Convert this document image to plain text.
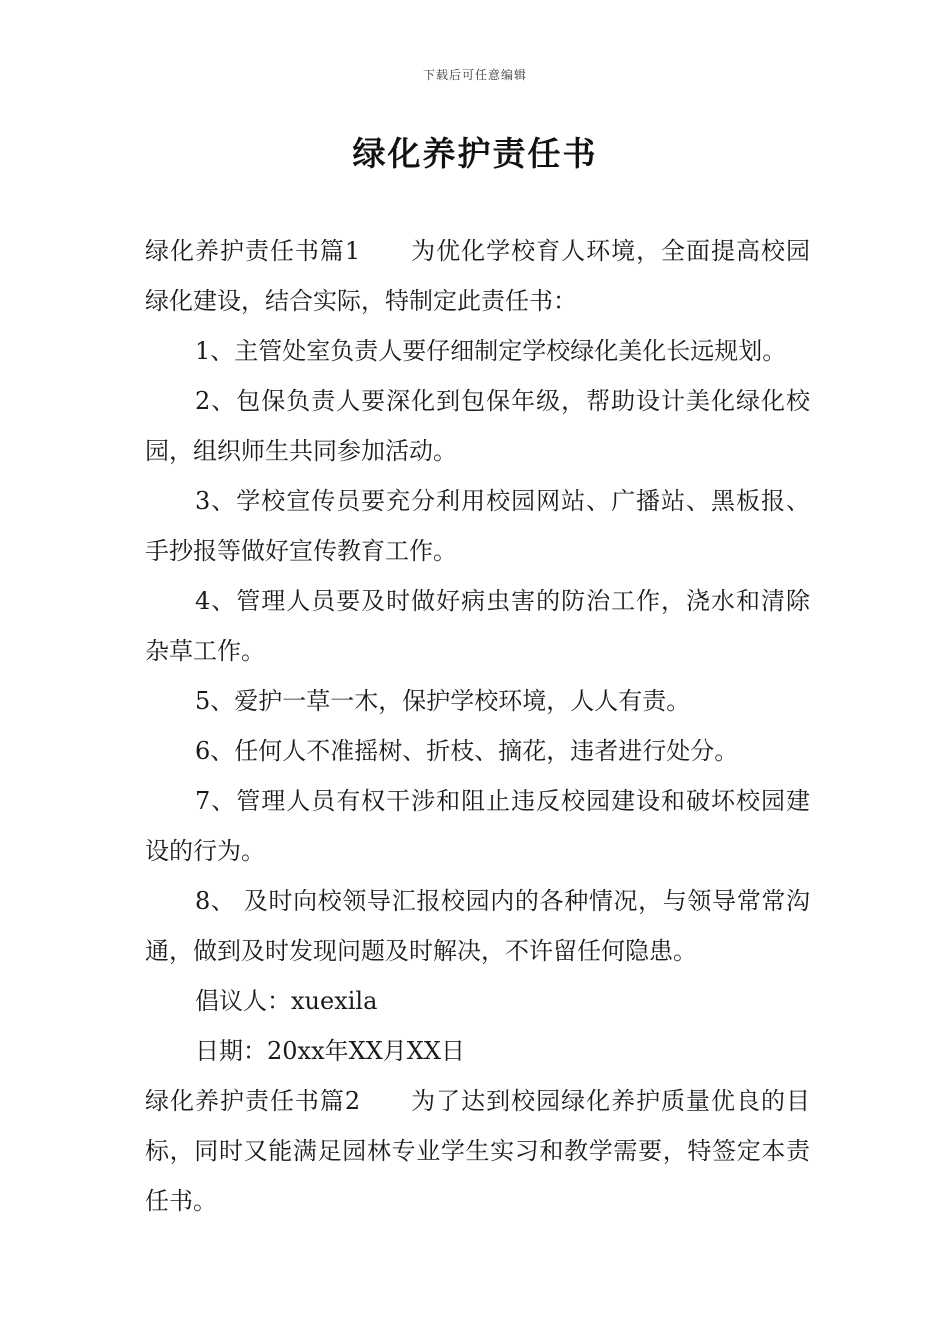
下载后可任意编辑
绿化养护责任书

绿化养护责任书篇1 为优化学校育人环境，全面提高校园绿化建设，结合实际，特制定此责任书：

1、主管处室负责人要仔细制定学校绿化美化长远规划。

2、包保负责人要深化到包保年级，帮助设计美化绿化校园，组织师生共同参加活动。

3、学校宣传员要充分利用校园网站、广播站、黑板报、手抄报等做好宣传教育工作。

4、管理人员要及时做好病虫害的防治工作，浇水和清除杂草工作。

5、爱护一草一木，保护学校环境，人人有责。

6、任何人不准摇树、折枝、摘花，违者进行处分。

7、管理人员有权干涉和阻止违反校园建设和破坏校园建设的行为。

8、 及时向校领导汇报校园内的各种情况，与领导常常沟通，做到及时发现问题及时解决，不许留任何隐患。

倡议人：xuexila

日期：20xx年XX月XX日

绿化养护责任书篇2 为了达到校园绿化养护质量优良的目标，同时又能满足园林专业学生实习和教学需要，特签定本责任书。
